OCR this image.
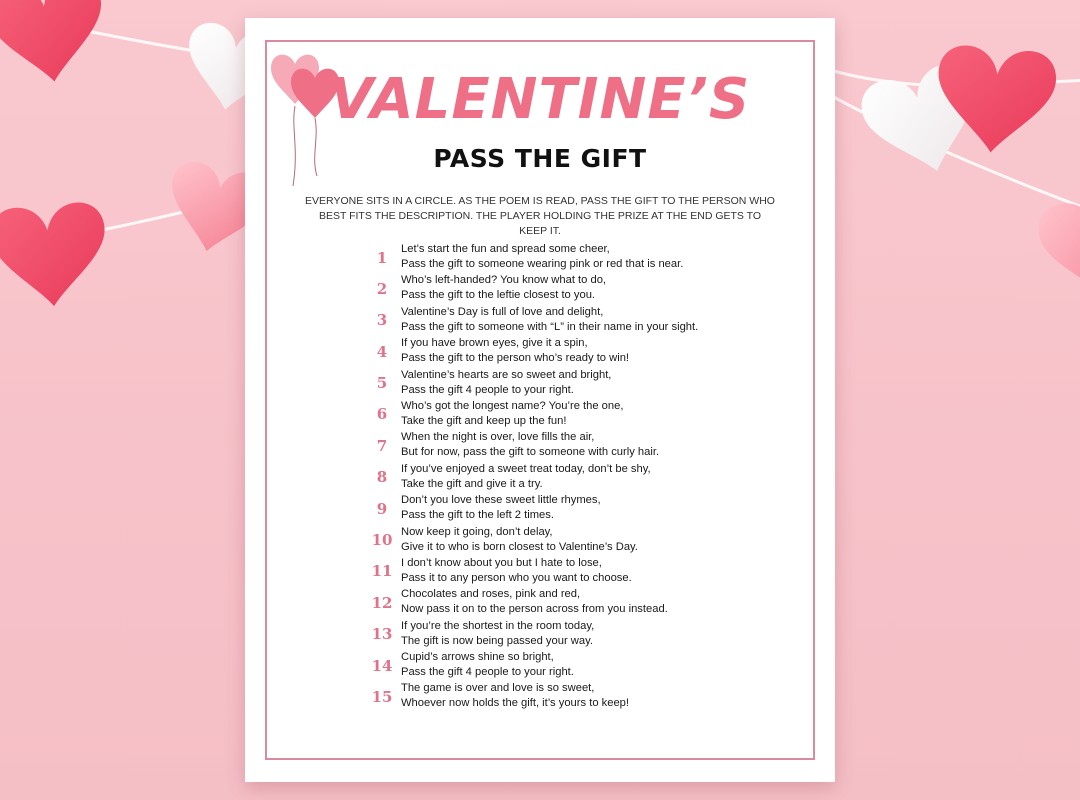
VALENTINE’S
PASS THE GIFT
EVERYONE SITS IN A CIRCLE. AS THE POEM IS READ, PASS THE GIFT TO THE PERSON WHO
BEST FITS THE DESCRIPTION. THE PLAYER HOLDING THE PRIZE AT THE END GETS TO KEEP IT.
1	Let’s start the fun and spread some cheer,
Pass the gift to someone wearing pink or red that is near.
2	Who’s left-handed? You know what to do,
Pass the gift to the leftie closest to you.
3	Valentine’s Day is full of love and delight,
Pass the gift to someone with “L” in their name in your sight.
4	If you have brown eyes, give it a spin,
Pass the gift to the person who’s ready to win!
5	Valentine’s hearts are so sweet and bright,
Pass the gift 4 people to your right.
6	Who’s got the longest name? You’re the one,
Take the gift and keep up the fun!
7	When the night is over, love fills the air,
But for now, pass the gift to someone with curly hair.
8	If you’ve enjoyed a sweet treat today, don’t be shy,
Take the gift and give it a try.
9	Don’t you love these sweet little rhymes,
Pass the gift to the left 2 times.
10 Now keep it going, don’t delay,
Give it to who is born closest to Valentine’s Day.
11 I don’t know about you but I hate to lose,
Pass it to any person who you want to choose.
12 Chocolates and roses, pink and red,
Now pass it on to the person across from you instead.
13 If you’re the shortest in the room today,
The gift is now being passed your way.
14 Cupid’s arrows shine so bright,
Pass the gift 4 people to your right.
15 The game is over and love is so sweet,
Whoever now holds the gift, it’s yours to keep!
